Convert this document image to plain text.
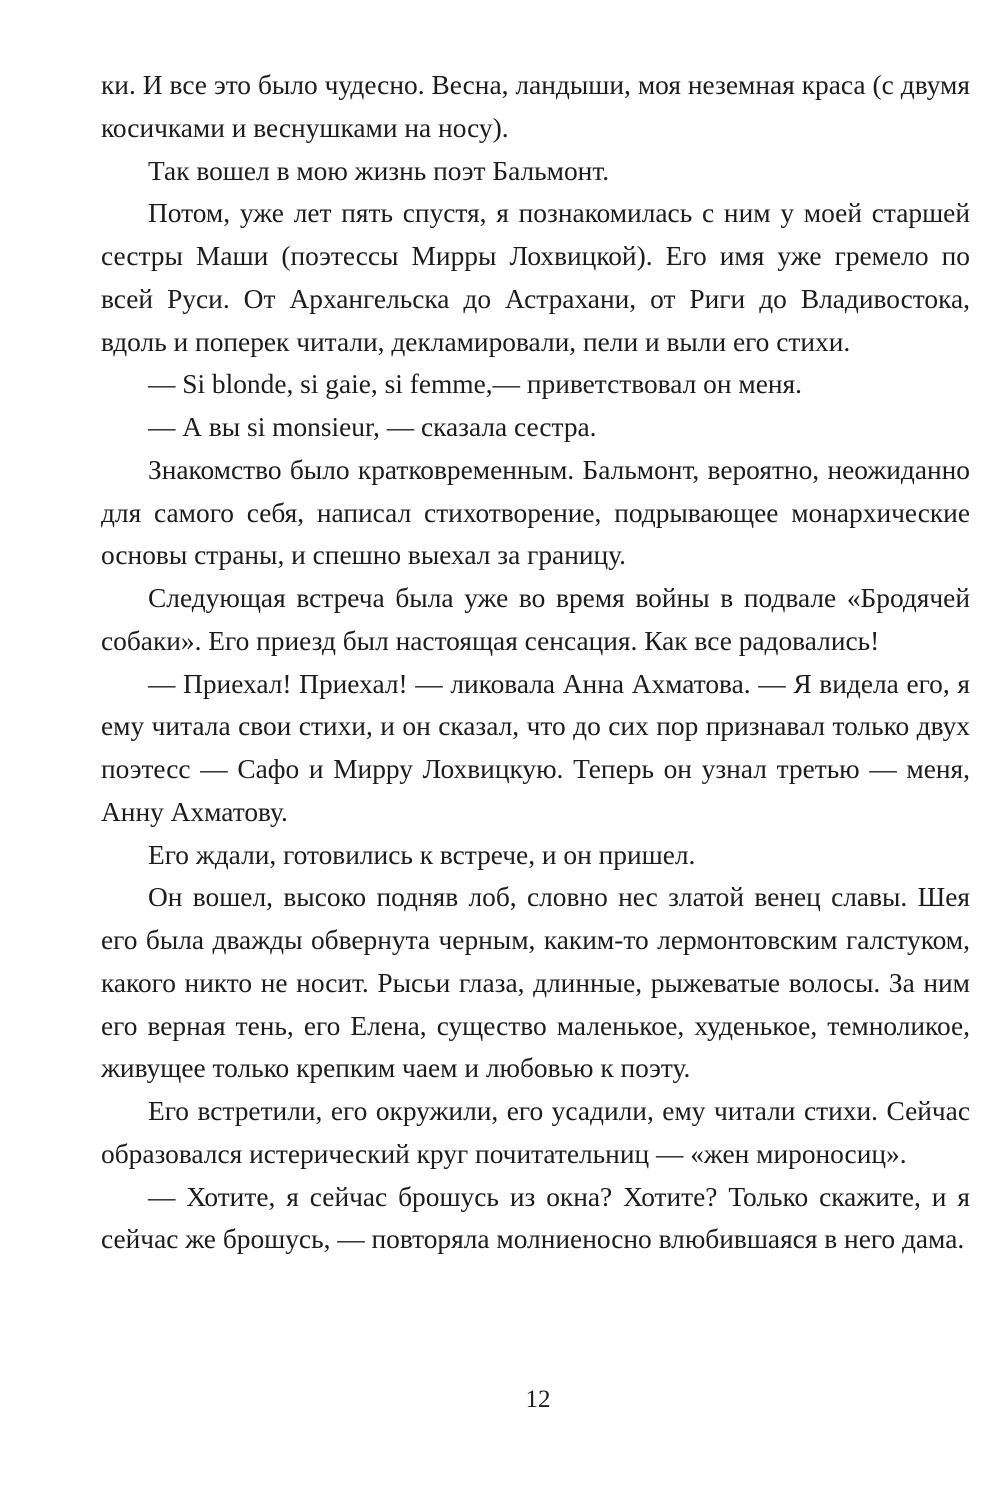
ки. И все это было чудесно. Весна, ландыши, моя неземная краса (с двумя косичками и веснушками на носу).

Так вошел в мою жизнь поэт Бальмонт.

Потом, уже лет пять спустя, я познакомилась с ним у моей старшей сестры Маши (поэтессы Мирры Лохвицкой). Его имя уже гремело по всей Руси. От Архангельска до Астрахани, от Риги до Владивостока, вдоль и поперек читали, декламировали, пели и выли его стихи.

— Si blonde, si gaie, si femme,— приветствовал он меня.

— А вы si monsieur, — сказала сестра.

Знакомство было кратковременным. Бальмонт, вероятно, неожиданно для самого себя, написал стихотворение, подрывающее монархические основы страны, и спешно выехал за границу.

Следующая встреча была уже во время войны в подвале «Бродячей собаки». Его приезд был настоящая сенсация. Как все радовались!

— Приехал! Приехал! — ликовала Анна Ахматова. — Я видела его, я ему читала свои стихи, и он сказал, что до сих пор признавал только двух поэтесс — Сафо и Мирру Лохвицкую. Теперь он узнал третью — меня, Анну Ахматову.

Его ждали, готовились к встрече, и он пришел.

Он вошел, высоко подняв лоб, словно нес златой венец славы. Шея его была дважды обвернута черным, каким-то лермонтовским галстуком, какого никто не носит. Рысьи глаза, длинные, рыжеватые волосы. За ним его верная тень, его Елена, существо маленькое, худенькое, темноликое, живущее только крепким чаем и любовью к поэту.

Его встретили, его окружили, его усадили, ему читали стихи. Сейчас образовался истерический круг почитательниц — «жен мироносиц».

— Хотите, я сейчас брошусь из окна? Хотите? Только скажите, и я сейчас же брошусь, — повторяла молниеносно влюбившаяся в него дама.

12
